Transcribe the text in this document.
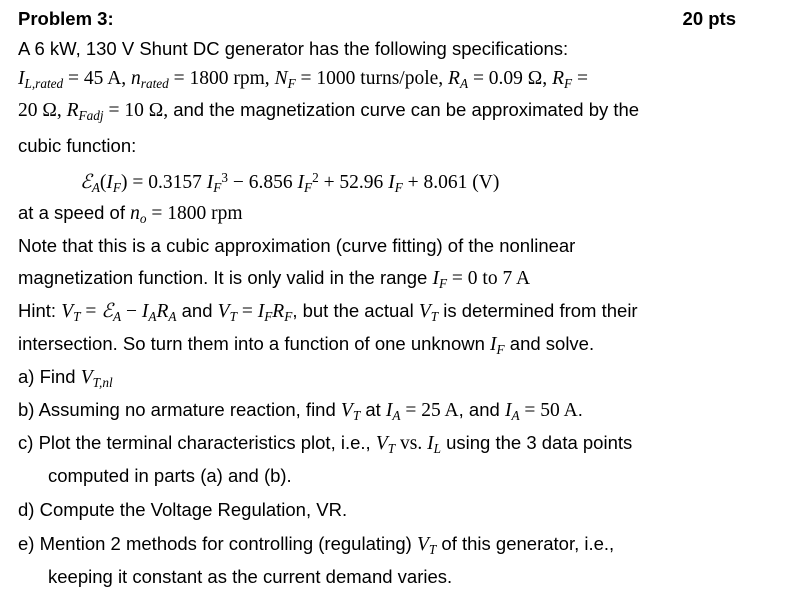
Problem 3:	20 pts
A 6 kW, 130 V Shunt DC generator has the following specifications:
$I_{L,rated} = 45$ A, $n_{rated} = 1800$ rpm, $N_F = 1000$ turns/pole, $R_A = 0.09$ Ω, $R_F$ =
20 Ω, $R_{Fadj} = 10$ Ω, and the magnetization curve can be approximated by the
cubic function:
$ℰ_A(I_F) = 0.3157$ $I_F^3 - 6.856$ $I_F^2 + 52.96$ $I_F + 8.061$ (V)
at a speed of $n_o = 1800$ rpm
Note that this is a cubic approximation (curve fitting) of the nonlinear
magnetization function. It is only valid in the range $I_F = 0$ to 7 A
Hint: $V_T$ = ℰ$_A$ − $I_AR_A$ and $V_T = I_FR_F$, but the actual $V_T$ is determined from their
intersection. So turn them into a function of one unknown $I_F$ and solve.
a) Find $V_{T,nl}$
b) Assuming no armature reaction, find $V_T$ at $I_A = 25$ A, and $I_A = 50$ A.
c) Plot the terminal characteristics plot, i.e., $V_T$ vs. $I_L$ using the 3 data points
computed in parts (a) and (b).
d) Compute the Voltage Regulation, VR.
e) Mention 2 methods for controlling (regulating) $V_T$ of this generator, i.e.,
keeping it constant as the current demand varies.
